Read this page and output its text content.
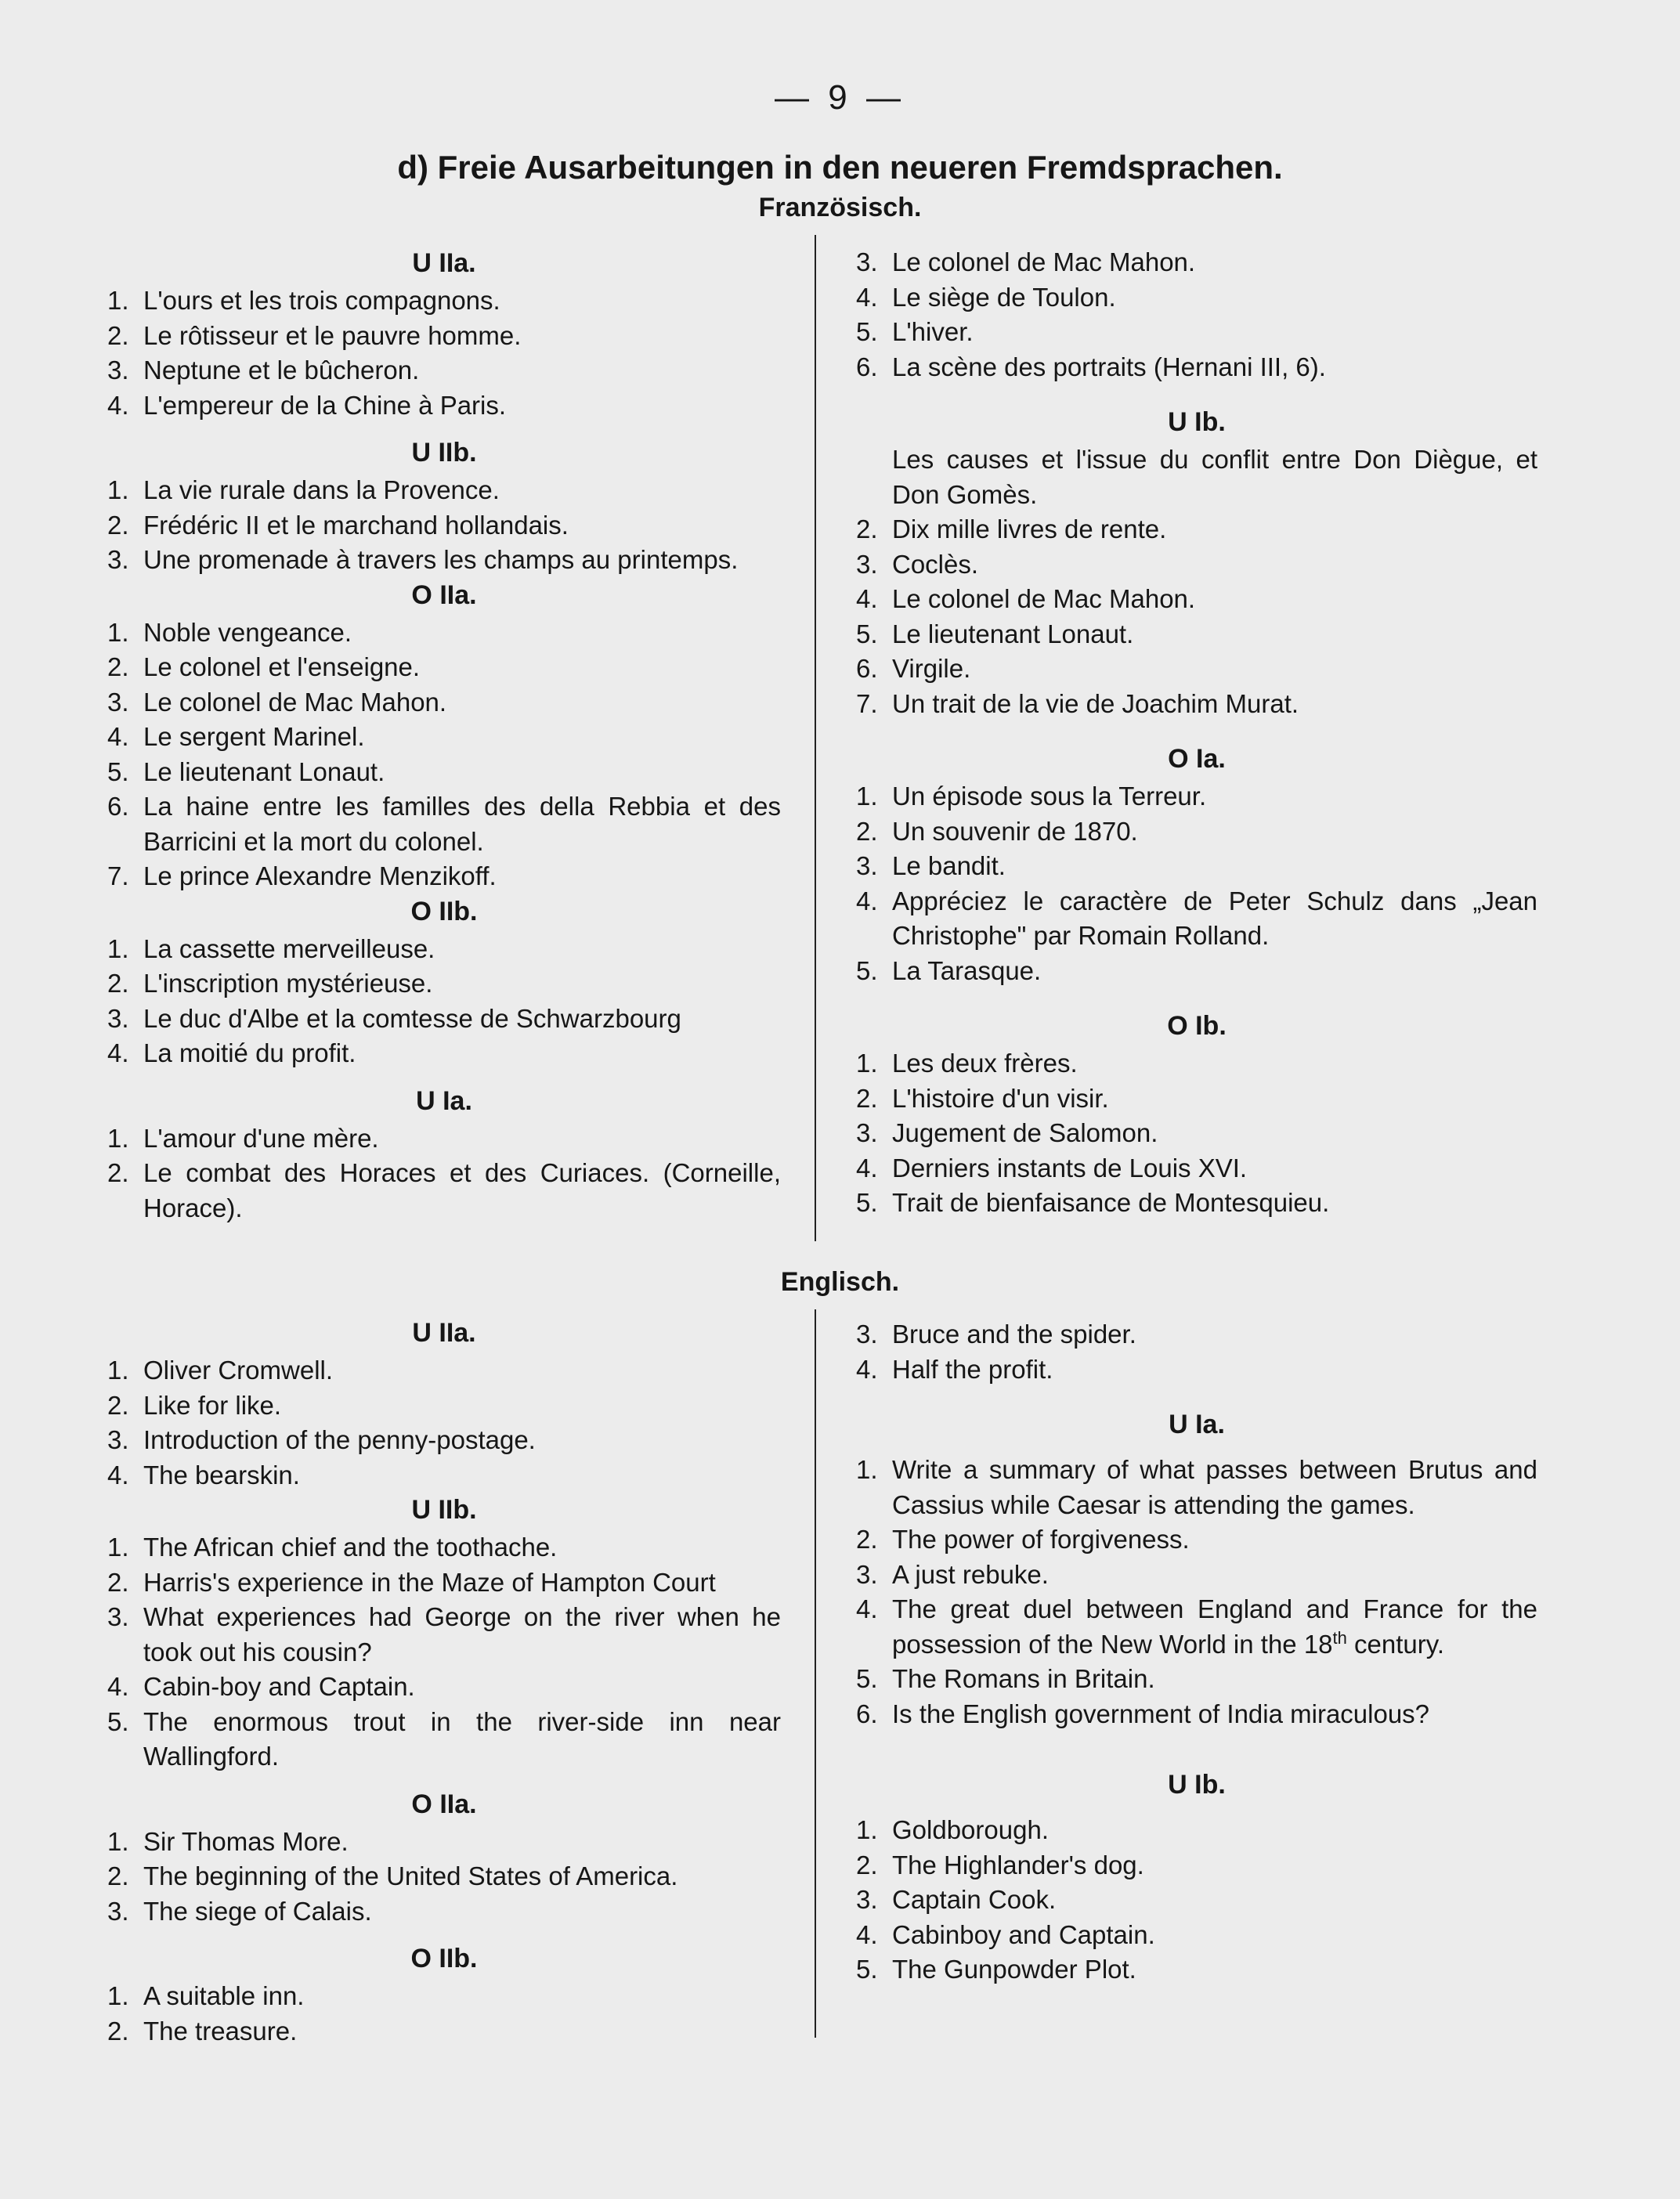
— 9 —
d) Freie Ausarbeitungen in den neueren Fremdsprachen.
Französisch.
U IIa.
1. L'ours et les trois compagnons.
2. Le rôtisseur et le pauvre homme.
3. Neptune et le bûcheron.
4. L'empereur de la Chine à Paris.
U IIb.
1. La vie rurale dans la Provence.
2. Frédéric II et le marchand hollandais.
3. Une promenade à travers les champs au printemps.
O IIa.
1. Noble vengeance.
2. Le colonel et l'enseigne.
3. Le colonel de Mac Mahon.
4. Le sergent Marinel.
5. Le lieutenant Lonaut.
6. La haine entre les familles des della Rebbia et des Barricini et la mort du colonel.
7. Le prince Alexandre Menzikoff.
O IIb.
1. La cassette merveilleuse.
2. L'inscription mystérieuse.
3. Le duc d'Albe et la comtesse de Schwarzbourg
4. La moitié du profit.
U Ia.
1. L'amour d'une mère.
2. Le combat des Horaces et des Curiaces. (Corneille, Horace).
3. Le colonel de Mac Mahon.
4. Le siège de Toulon.
5. L'hiver.
6. La scène des portraits (Hernani III, 6).
U Ib.
Les causes et l'issue du conflit entre Don Diègue, et Don Gomès.
2. Dix mille livres de rente.
3. Coclès.
4. Le colonel de Mac Mahon.
5. Le lieutenant Lonaut.
6. Virgile.
7. Un trait de la vie de Joachim Murat.
O Ia.
1. Un épisode sous la Terreur.
2. Un souvenir de 1870.
3. Le bandit.
4. Appréciez le caractère de Peter Schulz dans „Jean Christophe" par Romain Rolland.
5. La Tarasque.
O Ib.
1. Les deux frères.
2. L'histoire d'un visir.
3. Jugement de Salomon.
4. Derniers instants de Louis XVI.
5. Trait de bienfaisance de Montesquieu.
Englisch.
U IIa.
1. Oliver Cromwell.
2. Like for like.
3. Introduction of the penny-postage.
4. The bearskin.
U IIb.
1. The African chief and the toothache.
2. Harris's experience in the Maze of Hampton Court
3. What experiences had George on the river when he took out his cousin?
4. Cabin-boy and Captain.
5. The enormous trout in the river-side inn near Wallingford.
O IIa.
1. Sir Thomas More.
2. The beginning of the United States of America.
3. The siege of Calais.
O IIb.
1. A suitable inn.
2. The treasure.
3. Bruce and the spider.
4. Half the profit.
U Ia.
1. Write a summary of what passes between Brutus and Cassius while Caesar is attending the games.
2. The power of forgiveness.
3. A just rebuke.
4. The great duel between England and France for the possession of the New World in the 18th century.
5. The Romans in Britain.
6. Is the English government of India miraculous?
U Ib.
1. Goldborough.
2. The Highlander's dog.
3. Captain Cook.
4. Cabinboy and Captain.
5. The Gunpowder Plot.
